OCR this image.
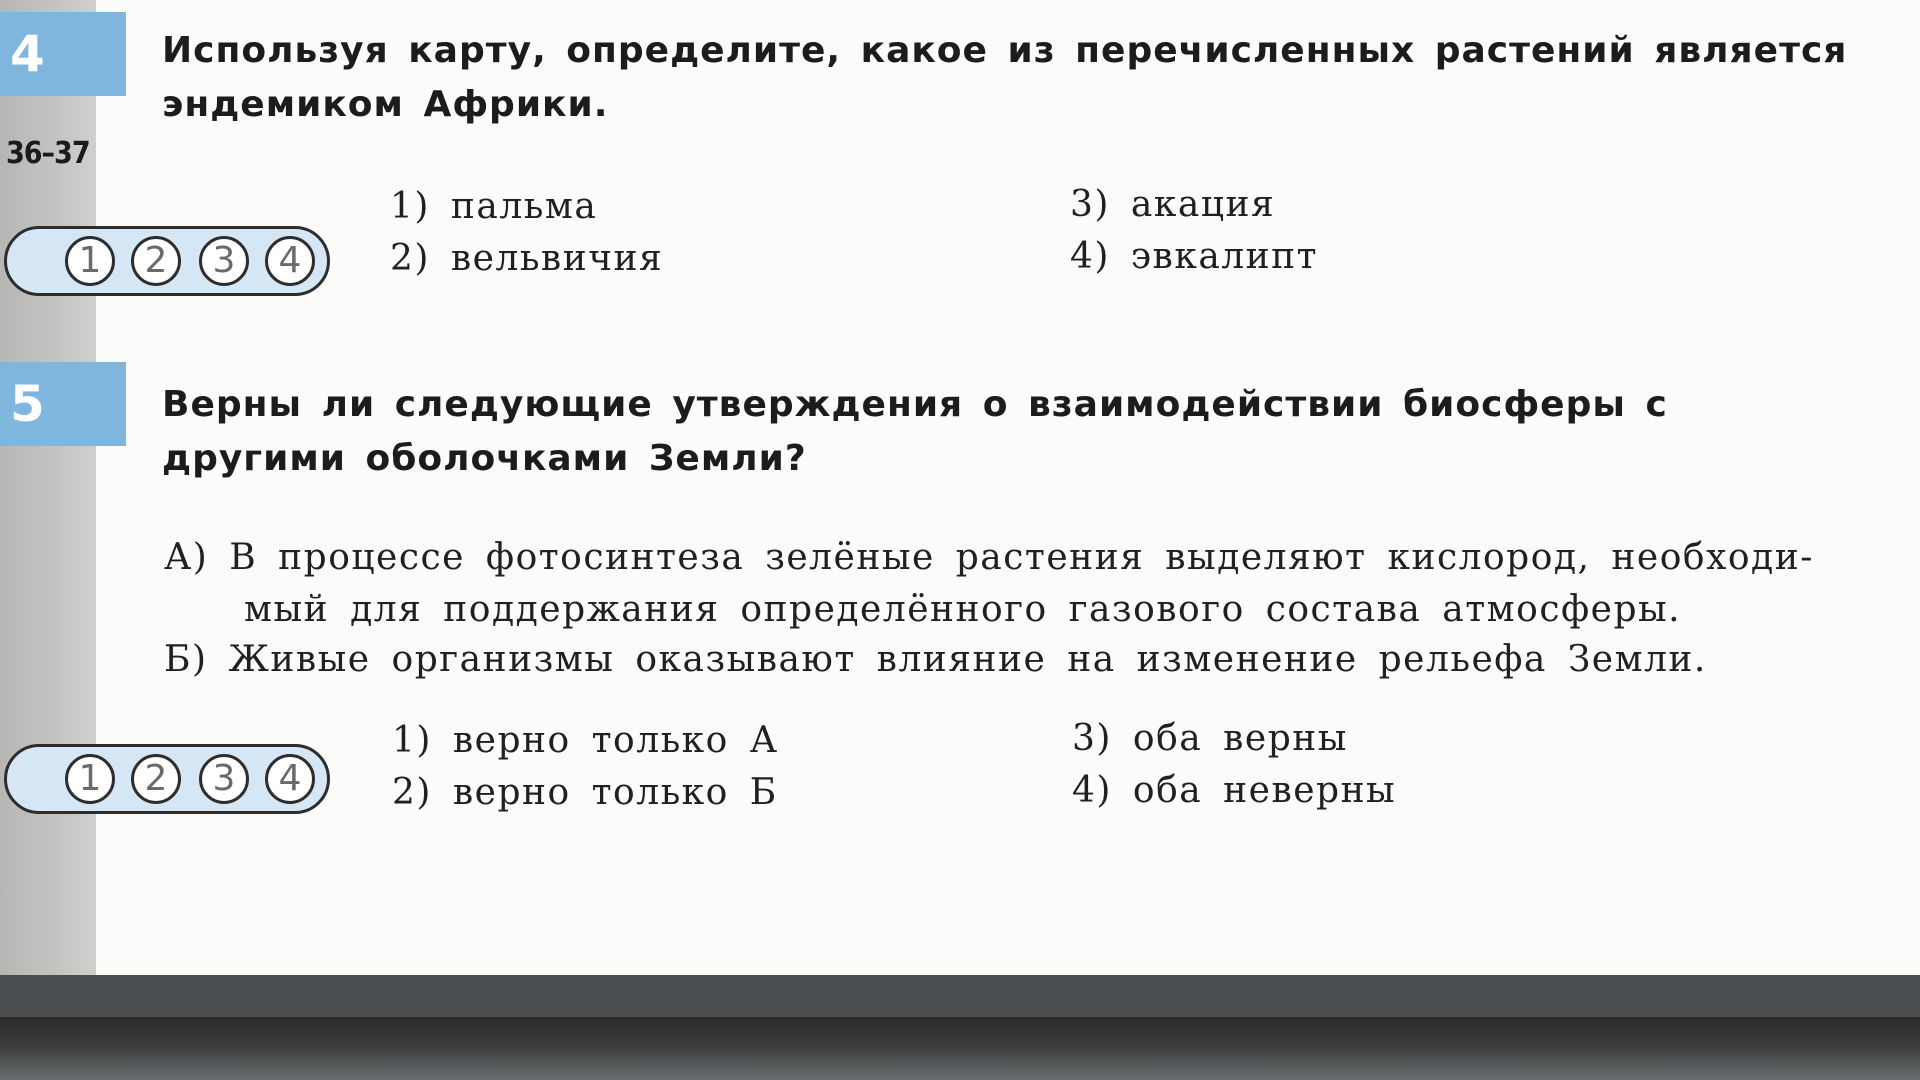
4
36–37
Используя карту, определите, какое из перечисленных растений является эндемиком Африки.
1	2	3	4
1) пальма
2) вельвичия
3) акация
4) эвкалипт
5	Верны ли следующие утверждения о взаимодействии биосферы с другими оболочками Земли?
А) В процессе фотосинтеза зелёные растения выделяют кислород, необходи-
мый для поддержания определённого газового состава атмосферы.
Б) Живые организмы оказывают влияние на изменение рельефа Земли.
1	2	3	4
1) верно только А
2) верно только Б
3) оба верны
4) оба неверны
